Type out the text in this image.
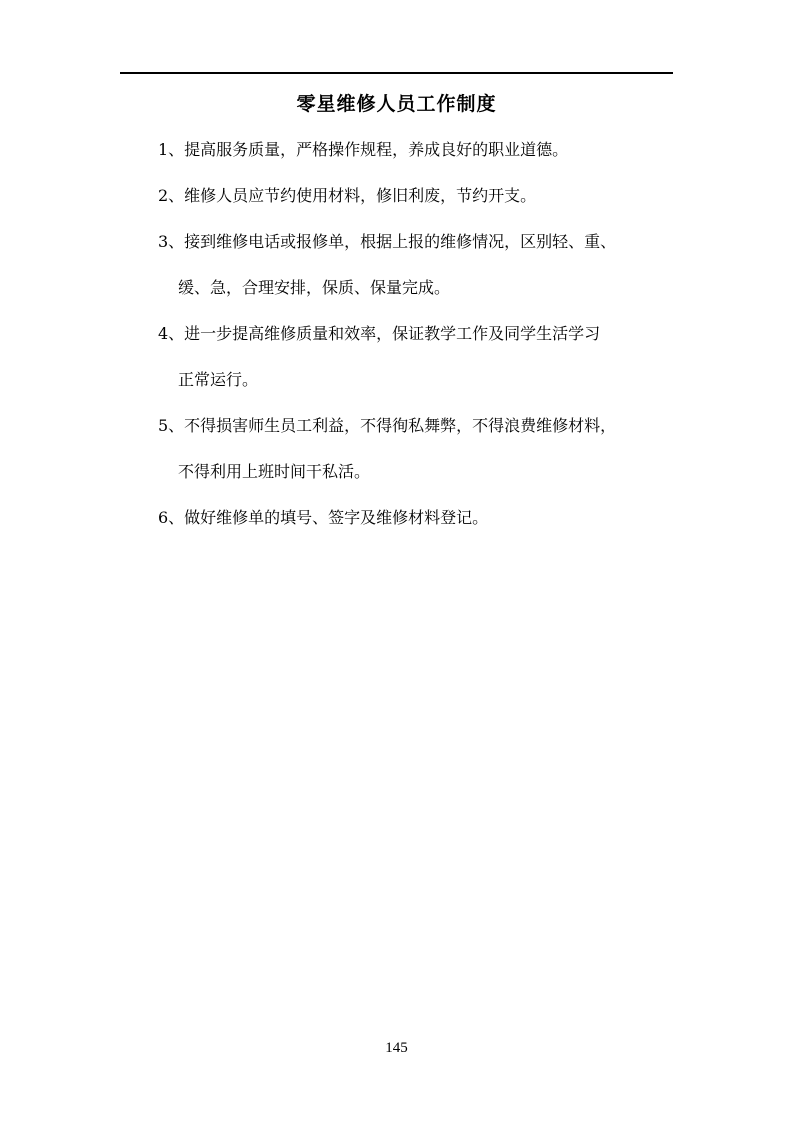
零星维修人员工作制度

1、提高服务质量，严格操作规程，养成良好的职业道德。

2、维修人员应节约使用材料，修旧利废，节约开支。

3、接到维修电话或报修单，根据上报的维修情况，区别轻、重、
缓、急，合理安排，保质、保量完成。

4、进一步提高维修质量和效率，保证教学工作及同学生活学习
正常运行。

5、不得损害师生员工利益，不得徇私舞弊，不得浪费维修材料，
不得利用上班时间干私活。

6、做好维修单的填号、签字及维修材料登记。

145
